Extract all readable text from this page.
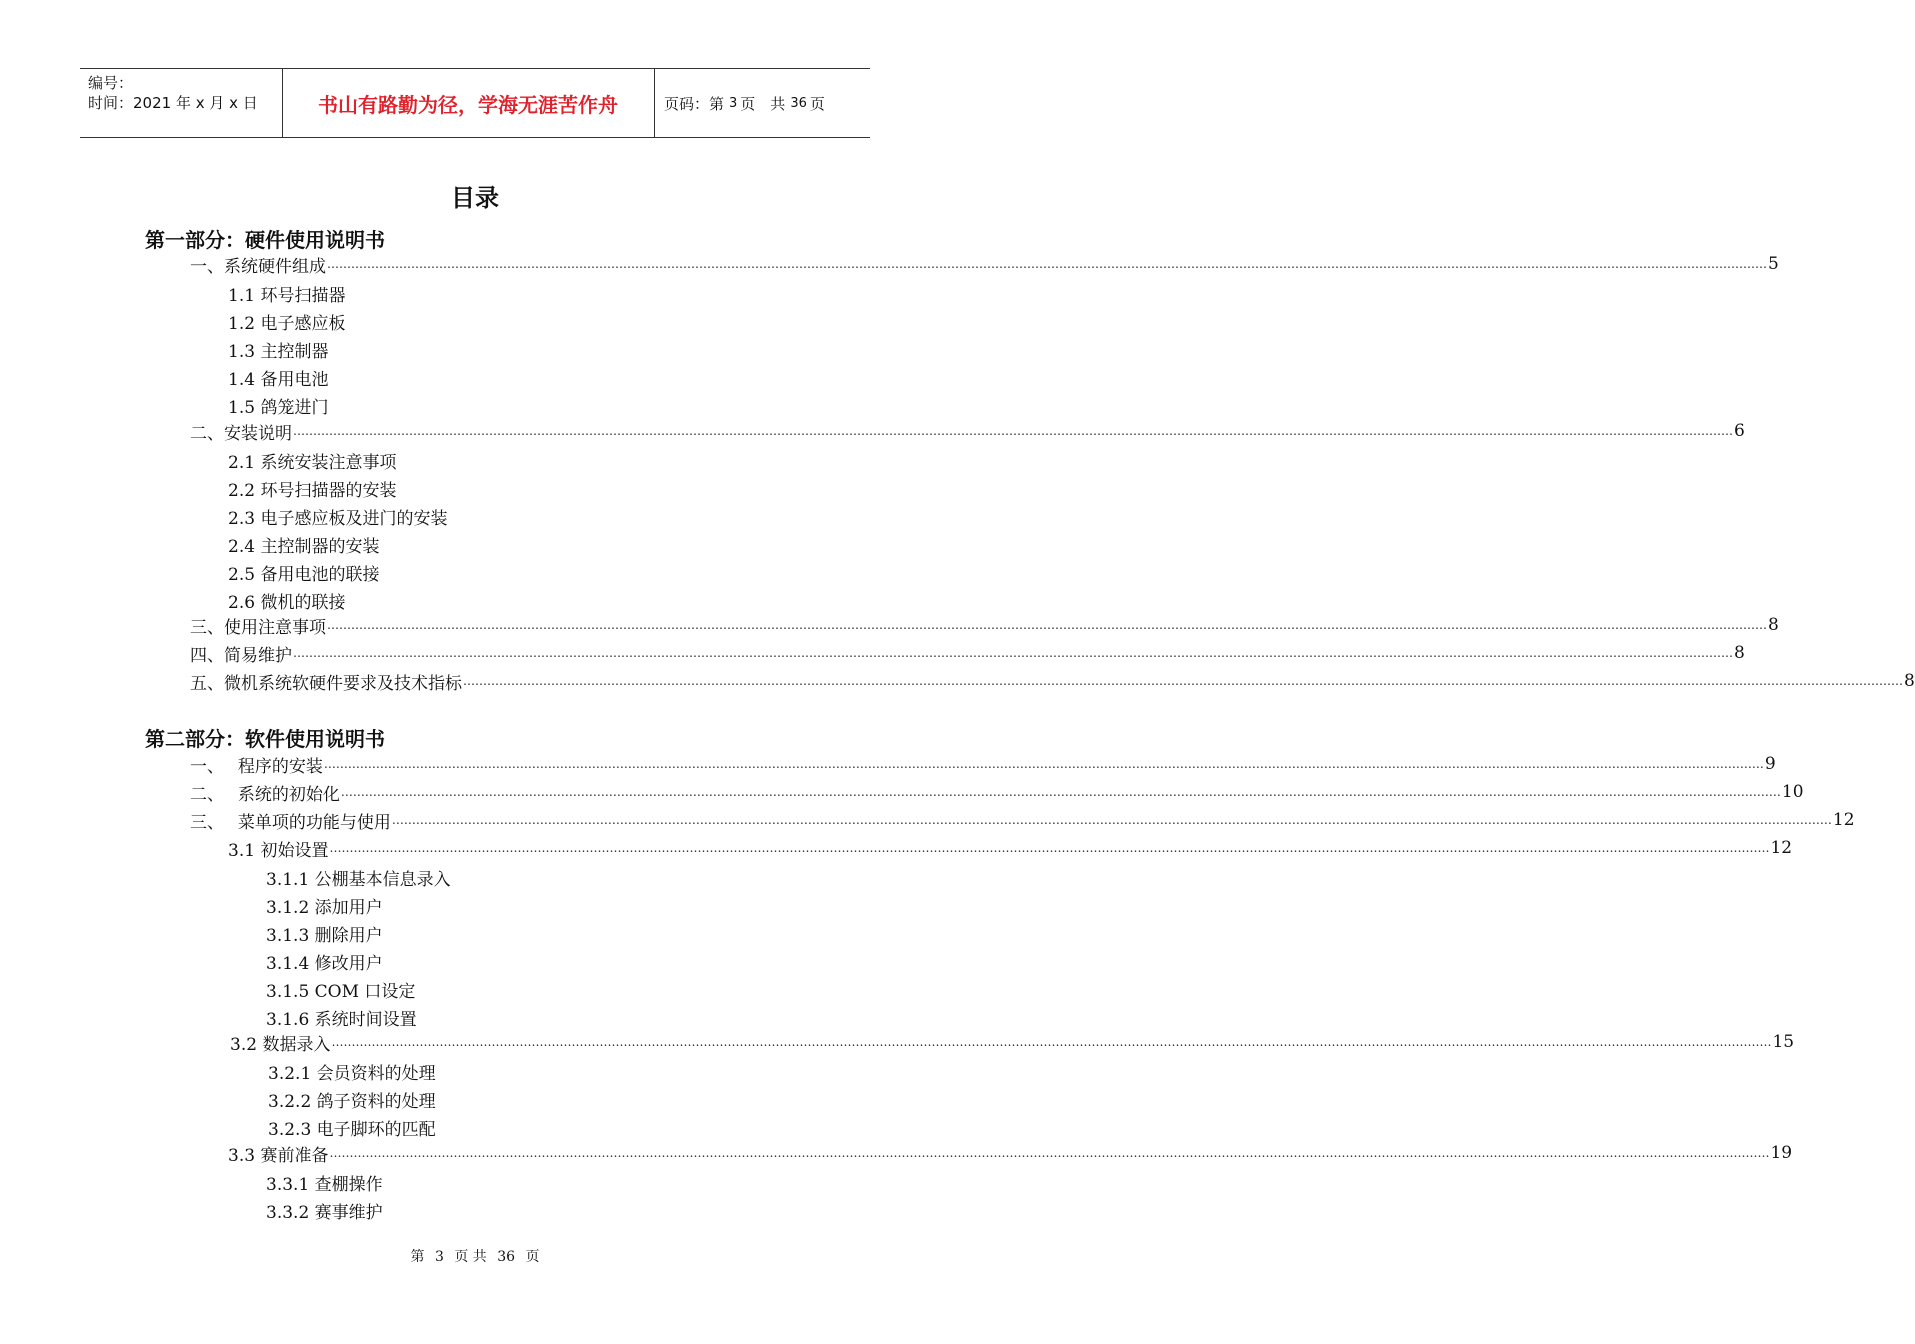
编号：
时间：2021 年 x 月 x 日	书山有路勤为径，学海无涯苦作舟	页码：第 3 页　共 36 页
目录
第一部分：硬件使用说明书
一、系统硬件组成 ……………………………………………………………………………………………………………………………………………………………………………………………………………………………………………………………………………………………………………………………… 5
1.1 环号扫描器
1.2 电子感应板
1.3 主控制器
1.4 备用电池
1.5 鸽笼进门
二、安装说明 ……………………………………………………………………………………………………………………………………………………………………………………………………………………………………………………………………………………………………………………………… 6
2.1 系统安装注意事项
2.2 环号扫描器的安装
2.3 电子感应板及进门的安装
2.4 主控制器的安装
2.5 备用电池的联接
2.6 微机的联接
三、使用注意事项 ……………………………………………………………………………………………………………………………………………………………………………………………………………………………………………………………………………………………………………………………… 8
四、简易维护 ……………………………………………………………………………………………………………………………………………………………………………………………………………………………………………………………………………………………………………………………… 8
五、微机系统软硬件要求及技术指标 ……………………………………………………………………………………………………………………………………………………………………………………………………………………………………………………………………………………………………………………………… 8
第二部分：软件使用说明书
一、　 程序的安装 ……………………………………………………………………………………………………………………………………………………………………………………………………………………………………………………………………………………………………………………………… 9
二、　 系统的初始化 ……………………………………………………………………………………………………………………………………………………………………………………………………………………………………………………………………………………………………………………………… 10
三、　 菜单项的功能与使用 ……………………………………………………………………………………………………………………………………………………………………………………………………………………………………………………………………………………………………………………………… 12
3.1 初始设置 ……………………………………………………………………………………………………………………………………………………………………………………………………………………………………………………………………………………………………………………………… 12
3.1.1 公棚基本信息录入
3.1.2 添加用户
3.1.3 删除用户
3.1.4 修改用户
3.1.5 COM 口设定
3.1.6 系统时间设置
3.2 数据录入 ……………………………………………………………………………………………………………………………………………………………………………………………………………………………………………………………………………………………………………………………… 15
3.2.1 会员资料的处理
3.2.2 鸽子资料的处理
3.2.3 电子脚环的匹配
3.3 赛前准备 ……………………………………………………………………………………………………………………………………………………………………………………………………………………………………………………………………………………………………………………………… 19
3.3.1 查棚操作
3.3.2 赛事维护
第 3 页 共 36 页
